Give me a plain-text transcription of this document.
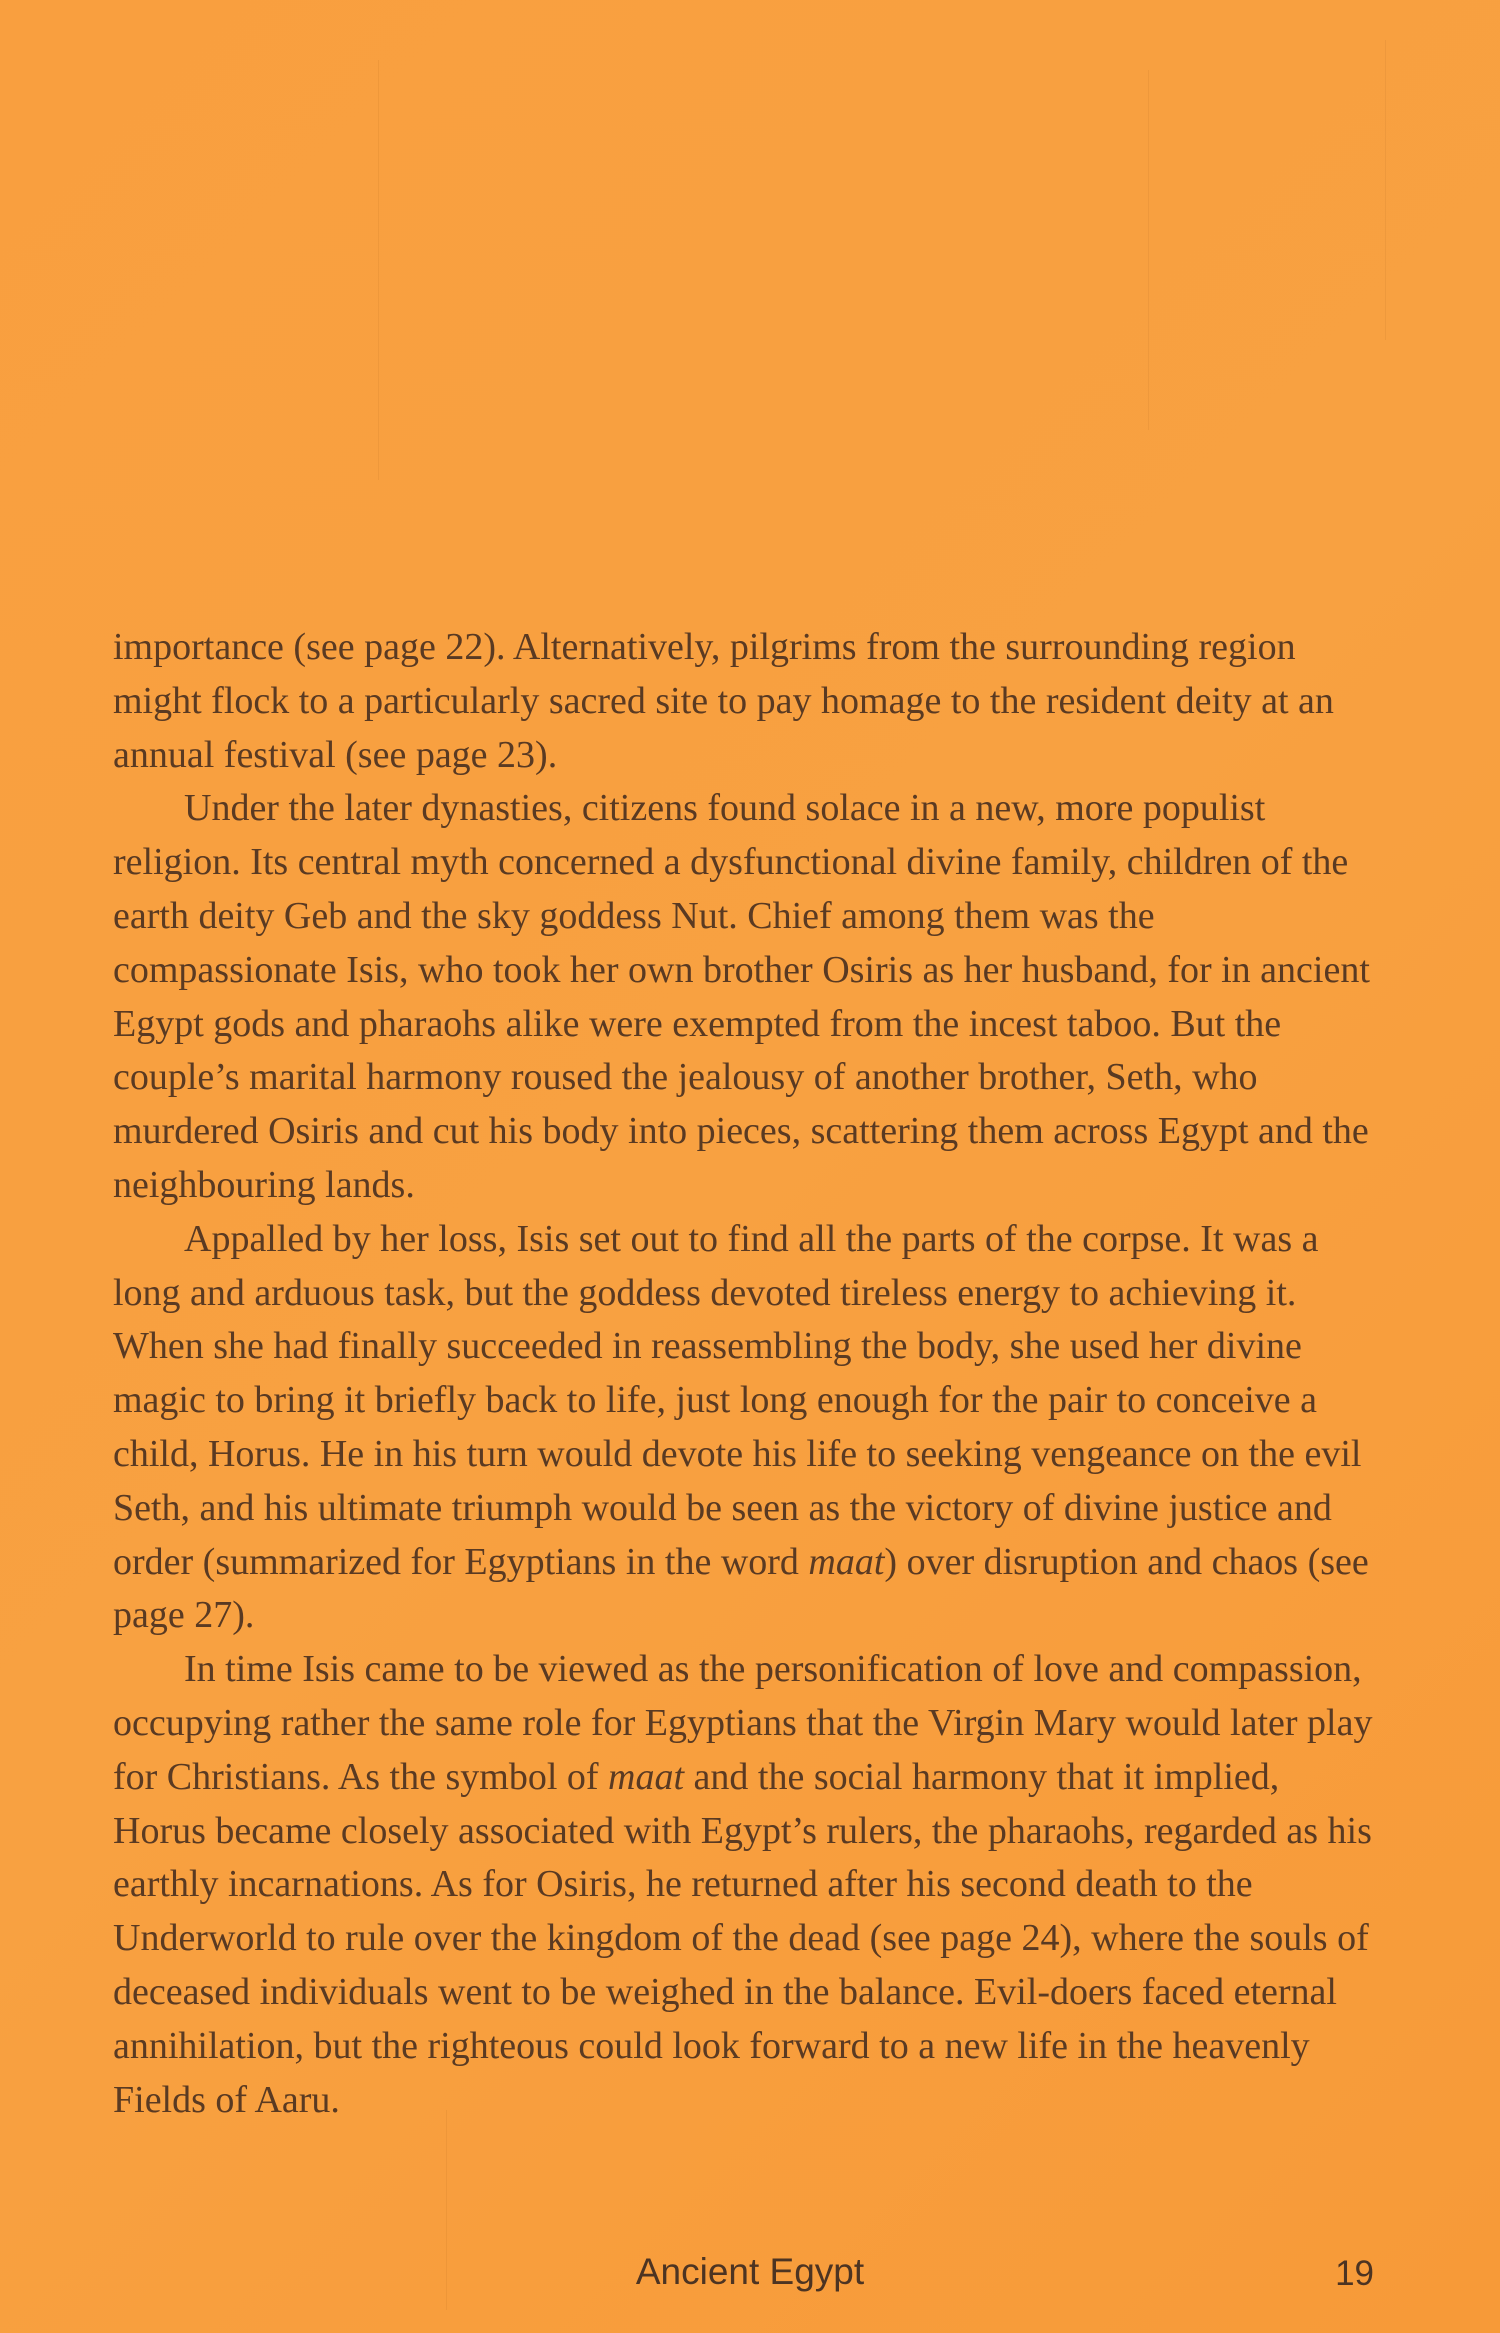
importance (see page 22). Alternatively, pilgrims from the surrounding region might flock to a particularly sacred site to pay homage to the resident deity at an annual festival (see page 23).

Under the later dynasties, citizens found solace in a new, more populist religion. Its central myth concerned a dysfunctional divine family, children of the earth deity Geb and the sky goddess Nut. Chief among them was the compassionate Isis, who took her own brother Osiris as her husband, for in ancient Egypt gods and pharaohs alike were exempted from the incest taboo. But the couple’s marital harmony roused the jealousy of another brother, Seth, who murdered Osiris and cut his body into pieces, scattering them across Egypt and the neighbouring lands.

Appalled by her loss, Isis set out to find all the parts of the corpse. It was a long and arduous task, but the goddess devoted tireless energy to achieving it. When she had finally succeeded in reassembling the body, she used her divine magic to bring it briefly back to life, just long enough for the pair to conceive a child, Horus. He in his turn would devote his life to seeking vengeance on the evil Seth, and his ultimate triumph would be seen as the victory of divine justice and order (summarized for Egyptians in the word maat) over disruption and chaos (see page 27).

In time Isis came to be viewed as the personification of love and compassion, occupying rather the same role for Egyptians that the Virgin Mary would later play for Christians. As the symbol of maat and the social harmony that it implied, Horus became closely associated with Egypt’s rulers, the pharaohs, regarded as his earthly incarnations. As for Osiris, he returned after his second death to the Underworld to rule over the kingdom of the dead (see page 24), where the souls of deceased individuals went to be weighed in the balance. Evil-doers faced eternal annihilation, but the righteous could look forward to a new life in the heavenly Fields of Aaru.

Ancient Egypt	19
